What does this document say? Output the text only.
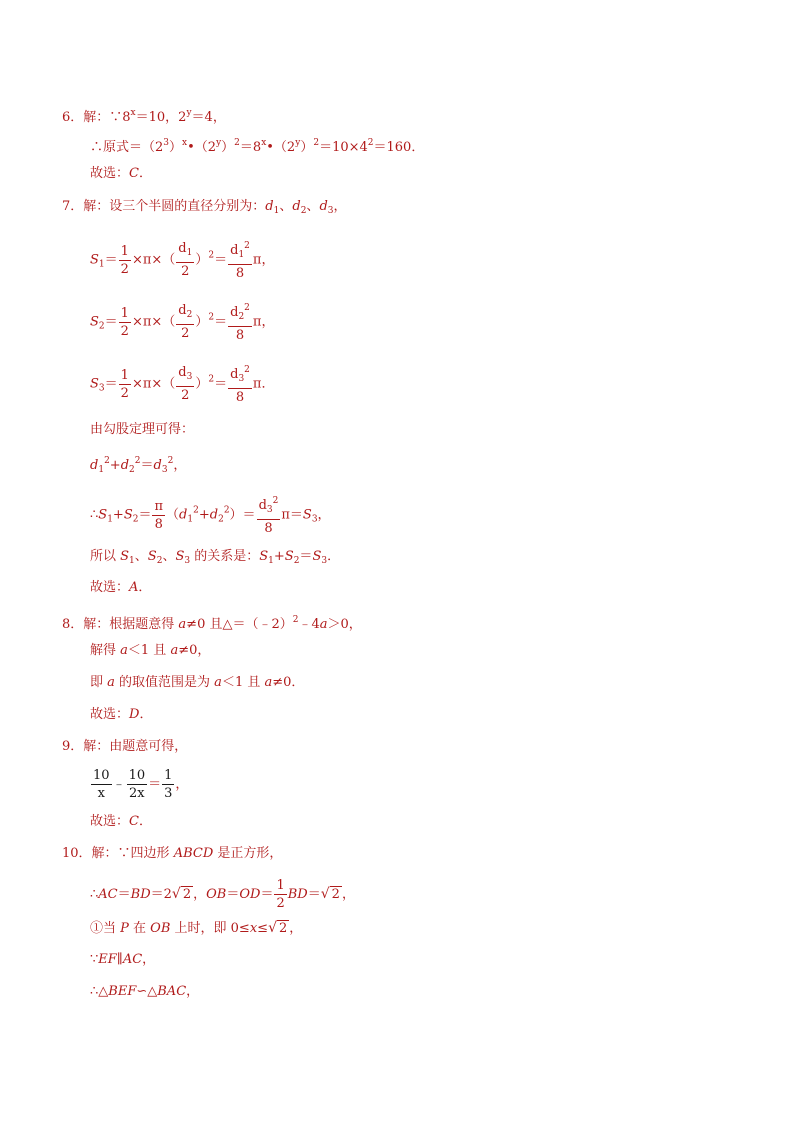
6．解：$\because 8^x=10$，$2^y=4$，
∴原式$=(2^3)^x•(2^y)^2=8^x•(2^y)^2=10\times 4^2=160$．
故选：C．
7．解：设三个半圆的直径分别为：$d_1$、$d_2$、$d_3$，
$S_1= \frac{1}{2} \times\pi\times( \frac{d_1}{2} )^2= \frac{d_1^2}{8}$ π，
$S_2= \frac{1}{2} \times\pi\times( \frac{d_2}{2} )^2= \frac{d_2^2}{8}$ π，
$S_3= \frac{1}{2} \times\pi\times( \frac{d_3}{2} )^2= \frac{d_3^2}{8}$ π．
由勾股定理可得：
$d_1^2+d_2^2=d_3^2$，
$\therefore S_1+S_2= \frac{\pi}{8} (d_1^2+d_2^2)= \frac{d_3^2}{8} \pi=S_3$，
所以 $S_1$、$S_2$、$S_3$ 的关系是：$S_1+S_2=S_3$．
故选：A．
8．解：根据题意得 a≠0 且△＝（﹣2）$^2$﹣4a＞0，
解得 a＜1 且 a≠0，
即 a 的取值范围是为 a＜1 且 a≠0．
故选：D．
9．解：由题意可得，
$\frac{10}{x}$ ﹣ $\frac{10}{2x} = \frac{1}{3}$ ，
故选：C．
10．解：∵四边形 ABCD 是正方形，
∴AC＝BD＝2√ 2 ，$OB=OD= \frac{1}{2} BD=√$ 2 ，
①当 P 在 OB 上时，即 0≤x≤√ 2 ，
∵EF∥AC，
∴△BEF∽△BAC，
